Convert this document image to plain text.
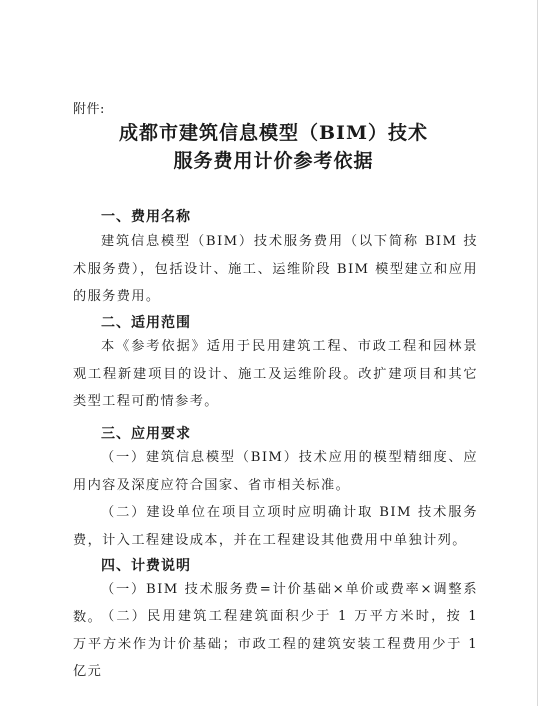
附件:
成都市建筑信息模型（BIM）技术
服务费用计价参考依据
一、费用名称

建筑信息模型（BIM）技术服务费用（以下简称 BIM 技术服务费），包括设计、施工、运维阶段 BIM 模型建立和应用的服务费用。

二、适用范围

本《参考依据》适用于民用建筑工程、市政工程和园林景观工程新建项目的设计、施工及运维阶段。改扩建项目和其它类型工程可酌情参考。

三、应用要求

（一）建筑信息模型（BIM）技术应用的模型精细度、应用内容及深度应符合国家、省市相关标准。

（二）建设单位在项目立项时应明确计取 BIM 技术服务费，计入工程建设成本，并在工程建设其他费用中单独计列。

四、计费说明

（一）BIM 技术服务费=计价基础×单价或费率×调整系数。

（二）民用建筑工程建筑面积少于 1 万平方米时，按 1 万平方米作为计价基础；市政工程的建筑安装工程费用少于 1 亿元
